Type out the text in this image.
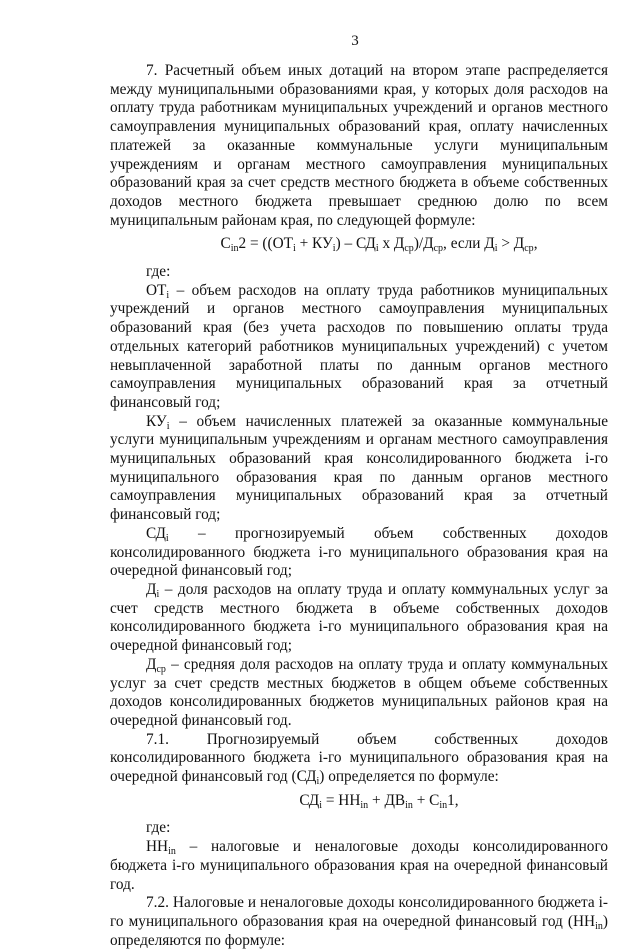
3

7. Расчетный объем иных дотаций на втором этапе распределяется между муниципальными образованиями края, у которых доля расходов на оплату труда работникам муниципальных учреждений и органов местного самоуправления муниципальных образований края, оплату начисленных платежей за оказанные коммунальные услуги муниципальным учреждениям и органам местного самоуправления муниципальных образований края за счет средств местного бюджета в объеме собственных доходов местного бюджета превышает среднюю долю по всем муниципальным районам края, по следующей формуле:

$C_{in}2 = ((ОТ_i + КУ_i) - СД_i$ х $Д_{ср})/Д_{ср}$, если $Д_i > Д_{ср}$,

где:

$ОТ_i$ – объем расходов на оплату труда работников муниципальных учреждений и органов местного самоуправления муниципальных образований края (без учета расходов по повышению оплаты труда отдельных категорий работников муниципальных учреждений) с учетом невыплаченной заработной платы по данным органов местного самоуправления муниципальных образований края за отчетный финансовый год;

$КУ_i$ – объем начисленных платежей за оказанные коммунальные услуги муниципальным учреждениям и органам местного самоуправления муниципальных образований края консолидированного бюджета i-го муниципального образования края по данным органов местного самоуправления муниципальных образований края за отчетный финансовый год;

$СД_i$ – прогнозируемый объем собственных доходов консолидированного бюджета i-го муниципального образования края на очередной финансовый год;

$Д_i$ – доля расходов на оплату труда и оплату коммунальных услуг за счет средств местного бюджета в объеме собственных доходов консолидированного бюджета i-го муниципального образования края на очередной финансовый год;

$Д_{ср}$ – средняя доля расходов на оплату труда и оплату коммунальных услуг за счет средств местных бюджетов в общем объеме собственных доходов консолидированных бюджетов муниципальных районов края на очередной финансовый год.

7.1. Прогнозируемый объем собственных доходов консолидированного бюджета i-го муниципального образования края на очередной финансовый год $(СД_i)$ определяется по формуле:

$СД_i = НН_{in} + ДВ_{in} + C_{in}1$,

где:

$НН_{in}$ – налоговые и неналоговые доходы консолидированного бюджета i-го муниципального образования края на очередной финансовый год.

7.2. Налоговые и неналоговые доходы консолидированного бюджета i-го муниципального образования края на очередной финансовый год $(НН_{in})$ определяются по формуле:
